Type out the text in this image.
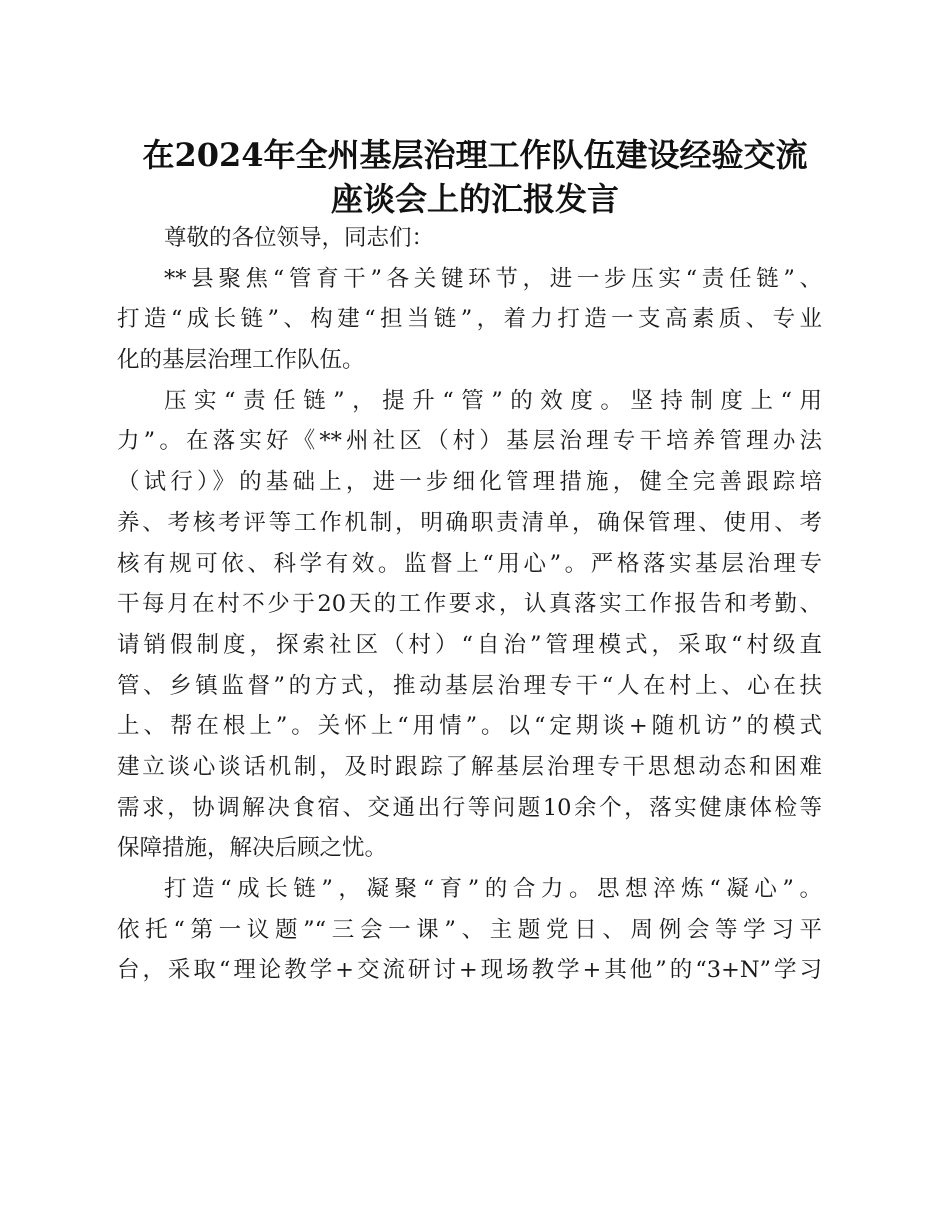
在2024年全州基层治理工作队伍建设经验交流
座谈会上的汇报发言
尊敬的各位领导，同志们：
**县聚焦“管育干”各关键环节，进一步压实“责任链”、
打造“成长链”、构建“担当链”，着力打造一支高素质、专业
化的基层治理工作队伍。
压实“责任链”，提升“管”的效度。坚持制度上“用
力”。在落实好《**州社区（村）基层治理专干培养管理办法
（试行）》的基础上，进一步细化管理措施，健全完善跟踪培
养、考核考评等工作机制，明确职责清单，确保管理、使用、考
核有规可依、科学有效。监督上“用心”。严格落实基层治理专
干每月在村不少于20天的工作要求，认真落实工作报告和考勤、
请销假制度，探索社区（村）“自治”管理模式，采取“村级直
管、乡镇监督”的方式，推动基层治理专干“人在村上、心在扶
上、帮在根上”。关怀上“用情”。以“定期谈+随机访”的模式
建立谈心谈话机制，及时跟踪了解基层治理专干思想动态和困难
需求，协调解决食宿、交通出行等问题10余个，落实健康体检等
保障措施，解决后顾之忧。
打造“成长链”，凝聚“育”的合力。思想淬炼“凝心”。
依托“第一议题”“三会一课”、主题党日、周例会等学习平
台，采取“理论教学+交流研讨+现场教学+其他”的“3+N”学习
